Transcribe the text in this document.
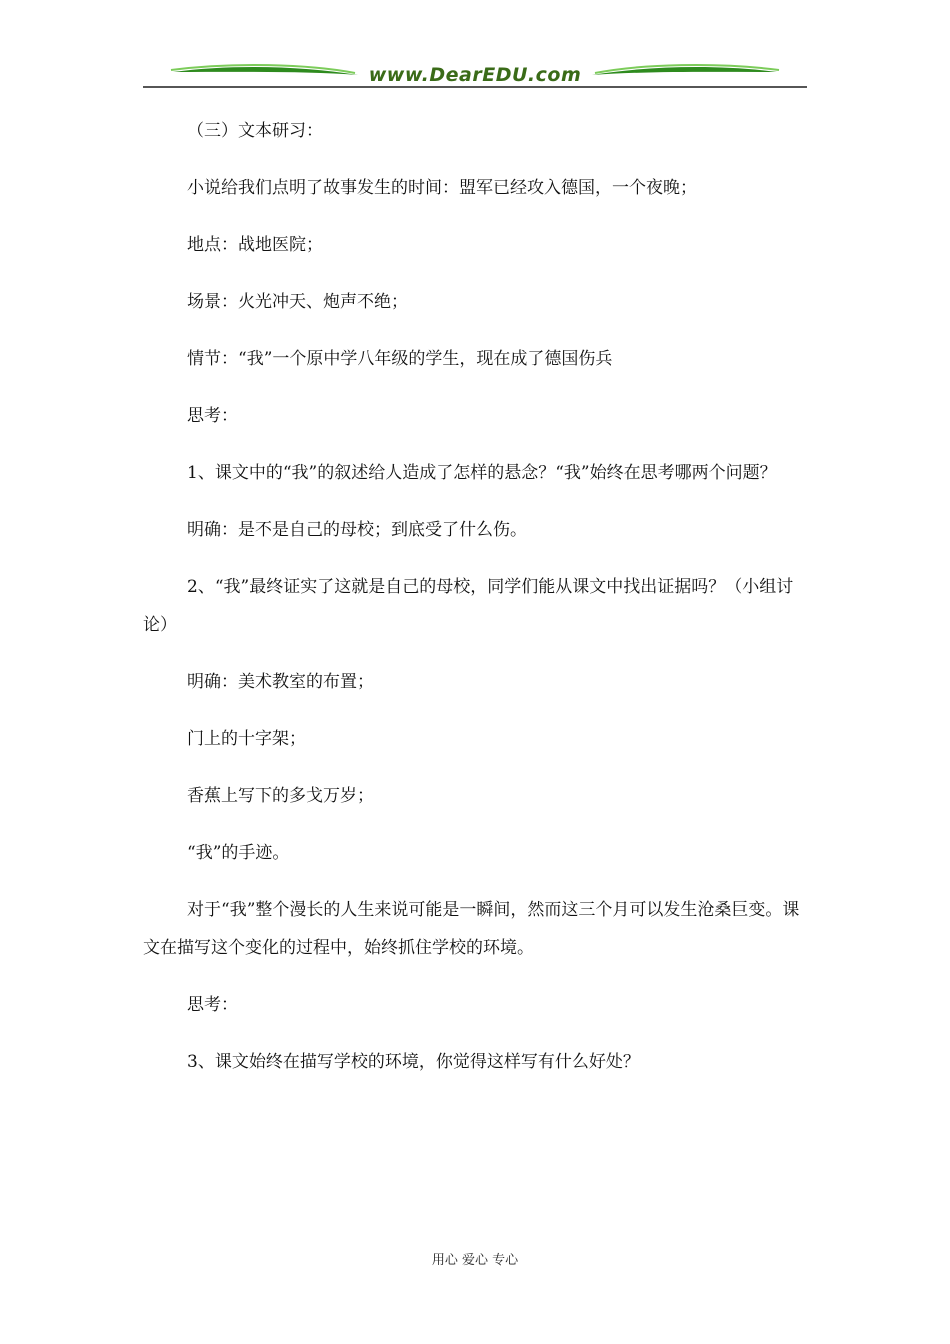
www.DearEDU.com

（三）文本研习：

小说给我们点明了故事发生的时间：盟军已经攻入德国，一个夜晚；

地点：战地医院；

场景：火光冲天、炮声不绝；

情节：“我”一个原中学八年级的学生，现在成了德国伤兵

思考：

1、课文中的“我”的叙述给人造成了怎样的悬念？“我”始终在思考哪两个问题？

明确：是不是自己的母校；到底受了什么伤。

2、“我”最终证实了这就是自己的母校，同学们能从课文中找出证据吗？（小组讨论）

明确：美术教室的布置；

门上的十字架；

香蕉上写下的多戈万岁；

“我”的手迹。

对于“我”整个漫长的人生来说可能是一瞬间，然而这三个月可以发生沧桑巨变。课文在描写这个变化的过程中，始终抓住学校的环境。

思考：

3、课文始终在描写学校的环境，你觉得这样写有什么好处？

用心 爱心 专心
